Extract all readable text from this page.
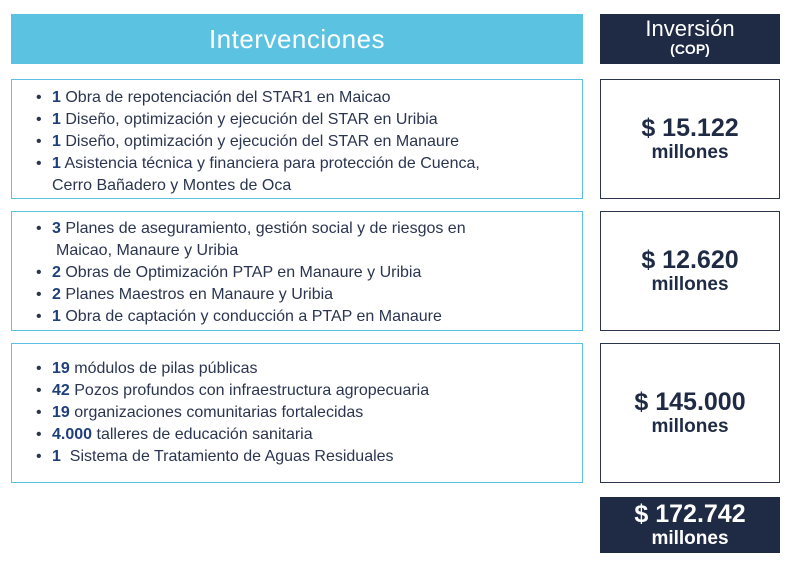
Intervenciones	Inversión
(COP)
• 1 Obra de repotenciación del STAR1 en Maicao
• 1 Diseño, optimización y ejecución del STAR en Uribia
• 1 Diseño, optimización y ejecución del STAR en Manaure
• 1 Asistencia técnica y financiera para protección de Cuenca,
Cerro Bañadero y Montes de Oca
$ 15.122
millones
• 3 Planes de aseguramiento, gestión social y de riesgos en
Maicao, Manaure y Uribia
• 2 Obras de Optimización PTAP en Manaure y Uribia
• 2 Planes Maestros en Manaure y Uribia
• 1 Obra de captación y conducción a PTAP en Manaure
$ 12.620
millones
• 19 módulos de pilas públicas
• 42 Pozos profundos con infraestructura agropecuaria
• 19 organizaciones comunitarias fortalecidas
• 4.000 talleres de educación sanitaria
• 1  Sistema de Tratamiento de Aguas Residuales
$ 145.000
millones
$ 172.742
millones
